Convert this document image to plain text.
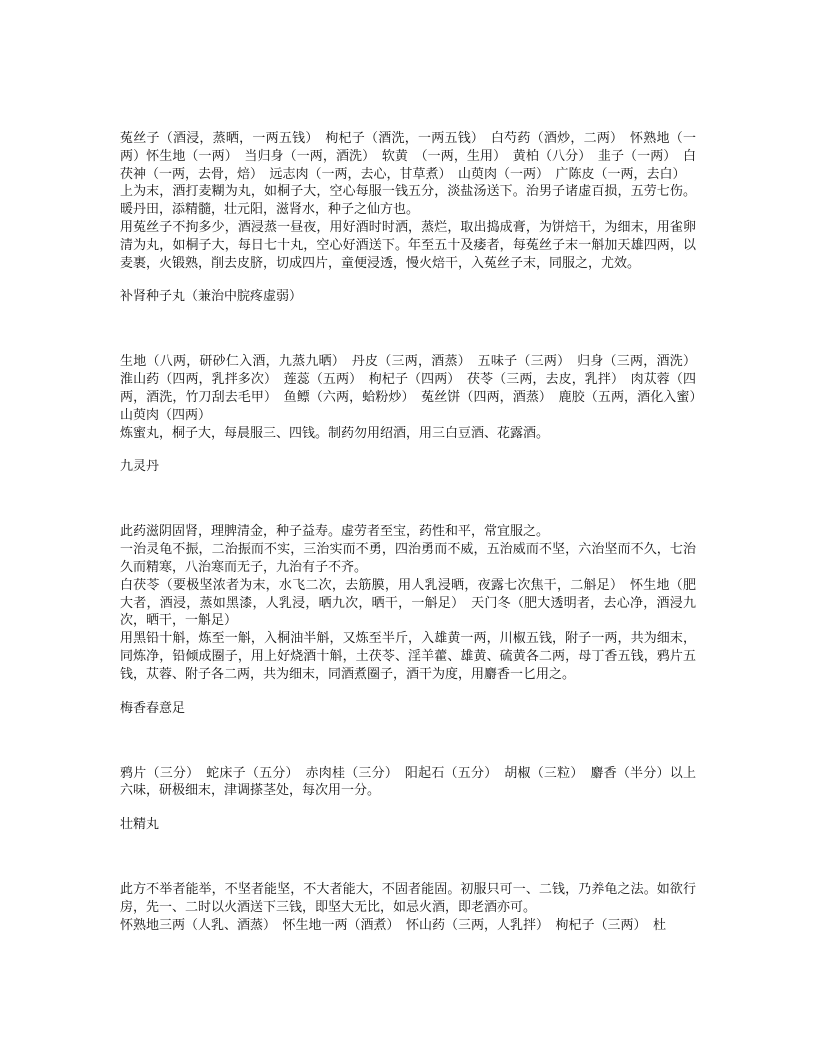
菟丝子（酒浸，蒸晒，一两五钱）　枸杞子（酒洗，一两五钱）　白芍药（酒炒，二两）　怀熟地（一两）怀生地（一两）　当归身（一两，酒洗）　软黄　（一两，生用）　黄柏（八分）　韭子（一两）　白茯神（一两，去骨，焙）　远志肉（一两，去心，甘草煮）　山萸肉（一两）　广陈皮（一两，去白）

上为末，酒打麦糊为丸，如桐子大，空心每服一钱五分，淡盐汤送下。治男子诸虚百损，五劳七伤。暖丹田，添精髓，壮元阳，滋肾水，种子之仙方也。

用菟丝子不拘多少，酒浸蒸一昼夜，用好酒时时洒，蒸烂，取出捣成膏，为饼焙干，为细末，用雀卵清为丸，如桐子大，每日七十丸，空心好酒送下。年至五十及痿者，每菟丝子末一斛加天雄四两，以麦裹，火锻熟，削去皮脐，切成四片，童便浸透，慢火焙干，入菟丝子末，同服之，尤效。

补肾种子丸（兼治中脘疼虚弱）

生地（八两，研砂仁入酒，九蒸九晒）　丹皮（三两，酒蒸）　五味子（三两）　归身（三两，酒洗）淮山药（四两，乳拌多次）　莲蕊（五两）　枸杞子（四两）　茯苓（三两，去皮，乳拌）　肉苁蓉（四两，酒洗，竹刀刮去毛甲）　鱼鳔（六两，蛤粉炒）　菟丝饼（四两，酒蒸）　鹿胶（五两，酒化入蜜）山萸肉（四两）

炼蜜丸，桐子大，每晨服三、四钱。制药勿用绍酒，用三白豆酒、花露酒。

九灵丹

此药滋阴固肾，理脾清金，种子益寿。虚劳者至宝，药性和平，常宜服之。

一治灵龟不振，二治振而不实，三治实而不勇，四治勇而不威，五治威而不坚，六治坚而不久，七治久而精寒，八治寒而无子，九治有子不齐。

白茯苓（要极坚浓者为末，水飞二次，去筋膜，用人乳浸晒，夜露七次焦干，二斛足）　怀生地（肥大者，酒浸，蒸如黑漆，人乳浸，晒九次，晒干，一斛足）　天门冬（肥大透明者，去心净，酒浸九次，晒干，一斛足）

用黑铅十斛，炼至一斛，入桐油半斛，又炼至半斤，入雄黄一两，川椒五钱，附子一两，共为细末，同炼净，铅倾成圈子，用上好烧酒十斛，土茯苓、淫羊藿、雄黄、硫黄各二两，母丁香五钱，鸦片五钱，苁蓉、附子各二两，共为细末，同酒煮圈子，酒干为度，用麝香一匕用之。

梅香春意足

鸦片（三分）　蛇床子（五分）　赤肉桂（三分）　阳起石（五分）　胡椒（三粒）　麝香（半分）以上六味，研极细末，津调搽茎处，每次用一分。

壮精丸

此方不举者能举，不坚者能坚，不大者能大，不固者能固。初服只可一、二钱，乃养龟之法。如欲行房，先一、二时以火酒送下三钱，即坚大无比，如忌火酒，即老酒亦可。

怀熟地三两（人乳、酒蒸）　怀生地一两（酒煮）　怀山药（三两，人乳拌）　枸杞子（三两）　杜
